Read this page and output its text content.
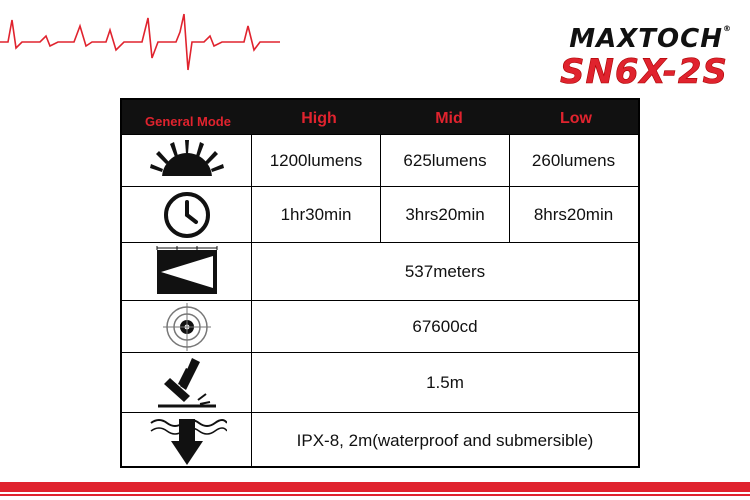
MAXTOCH®
SN6X-2S
General Mode	High	Mid	Low
1200lumens	625lumens	260lumens
1hr30min	3hrs20min	8hrs20min
537meters
67600cd
1.5m
IPX-8, 2m(waterproof and submersible)
